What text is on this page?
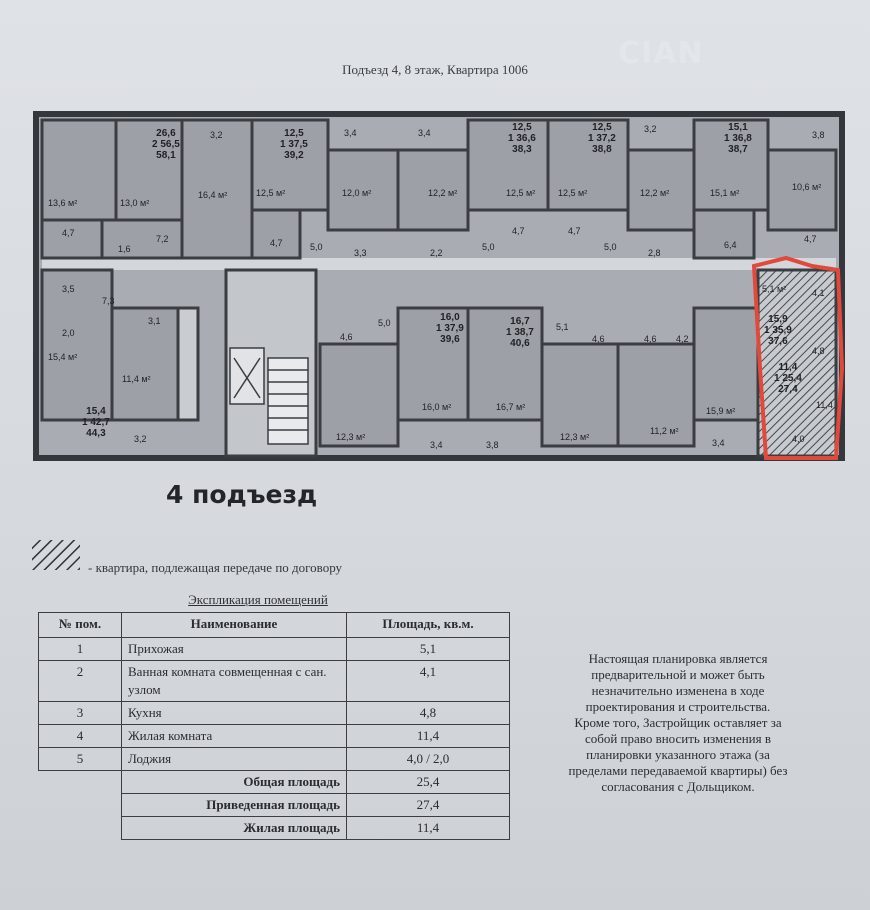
CIAN
Подъезд 4, 8 этаж, Квартира 1006
26,6
2 56,5
58,1
12,5
1 37,5
39,2
12,5
1 36,6
38,3
12,5
1 37,2
38,8
15,1
1 36,8
38,7
15,4
1 42,7
44,3
16,0
1 37,9
39,6
16,7
1 38,7
40,6
15,9
1 35,9
37,6
11,4
1 25,4
27,4
13,6 м²	13,0 м²
16,4 м²
4,7
1,6
7,2
3,2
12,5 м²
4,7	5,0
12,0 м²
3,3
3,4
12,2 м²
2,2
3,4
12,5 м²
5,0
4,7
12,5 м²
4,7
5,0
12,2 м²
2,8
3,2
15,1 м²
6,4
10,6 м²
4,7
3,8
3,5
7,3
2,0
3,1
15,4 м²
11,4 м²
3,2
4,6
5,0
12,3 м²
16,0 м²
3,4
16,7 м²
5,1
3,8
4,6
12,3 м²
4,6
11,2 м²
4,2
15,9 м²
3,4
5,1 м²	4,1
4,8
11,4
4,0
4 подъезд
- квартира, подлежащая передаче по договору
Экспликация помещений
№ пом.	Наименование	Площадь, кв.м.
1	Прихожая	5,1
2	Ванная комната совмещенная с сан. узлом	4,1
3	Кухня	4,8
4	Жилая комната	11,4
5	Лоджия	4,0 / 2,0
	Общая площадь	25,4
	Приведенная площадь	27,4
	Жилая площадь	11,4

Настоящая планировка является

предварительной и может быть

незначительно изменена в ходе

проектирования и строительства.

Кроме того, Застройщик оставляет за

собой право вносить изменения в

планировки указанного этажа (за

пределами передаваемой квартиры) без

согласования с Дольщиком.
